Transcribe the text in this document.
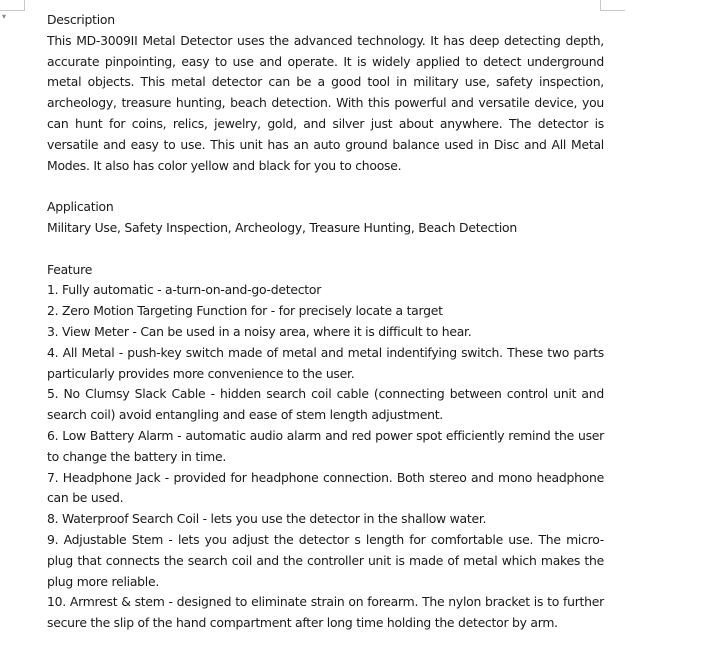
▾	Description

This MD-3009II Metal Detector uses the advanced technology. It has deep detecting depth, accurate pinpointing, easy to use and operate. It is widely applied to detect underground metal objects. This metal detector can be a good tool in military use, safety inspection, archeology, treasure hunting, beach detection. With this powerful and versatile device, you can hunt for coins, relics, jewelry, gold, and silver just about anywhere. The detector is versatile and easy to use. This unit has an auto ground balance used in Disc and All Metal Modes. It also has color yellow and black for you to choose.

Application

Military Use, Safety Inspection, Archeology, Treasure Hunting, Beach Detection

Feature

1. Fully automatic - a-turn-on-and-go-detector

2. Zero Motion Targeting Function for - for precisely locate a target

3. View Meter - Can be used in a noisy area, where it is difficult to hear.

4. All Metal - push-key switch made of metal and metal indentifying switch. These two parts particularly provides more convenience to the user.

5. No Clumsy Slack Cable - hidden search coil cable (connecting between control unit and search coil) avoid entangling and ease of stem length adjustment.

6. Low Battery Alarm - automatic audio alarm and red power spot efficiently remind the user to change the battery in time.

7. Headphone Jack - provided for headphone connection. Both stereo and mono headphone can be used.

8. Waterproof Search Coil - lets you use the detector in the shallow water.

9. Adjustable Stem - lets you adjust the detector s length for comfortable use. The micro-plug that connects the search coil and the controller unit is made of metal which makes the plug more reliable.

10. Armrest & stem - designed to eliminate strain on forearm. The nylon bracket is to further secure the slip of the hand compartment after long time holding the detector by arm.
